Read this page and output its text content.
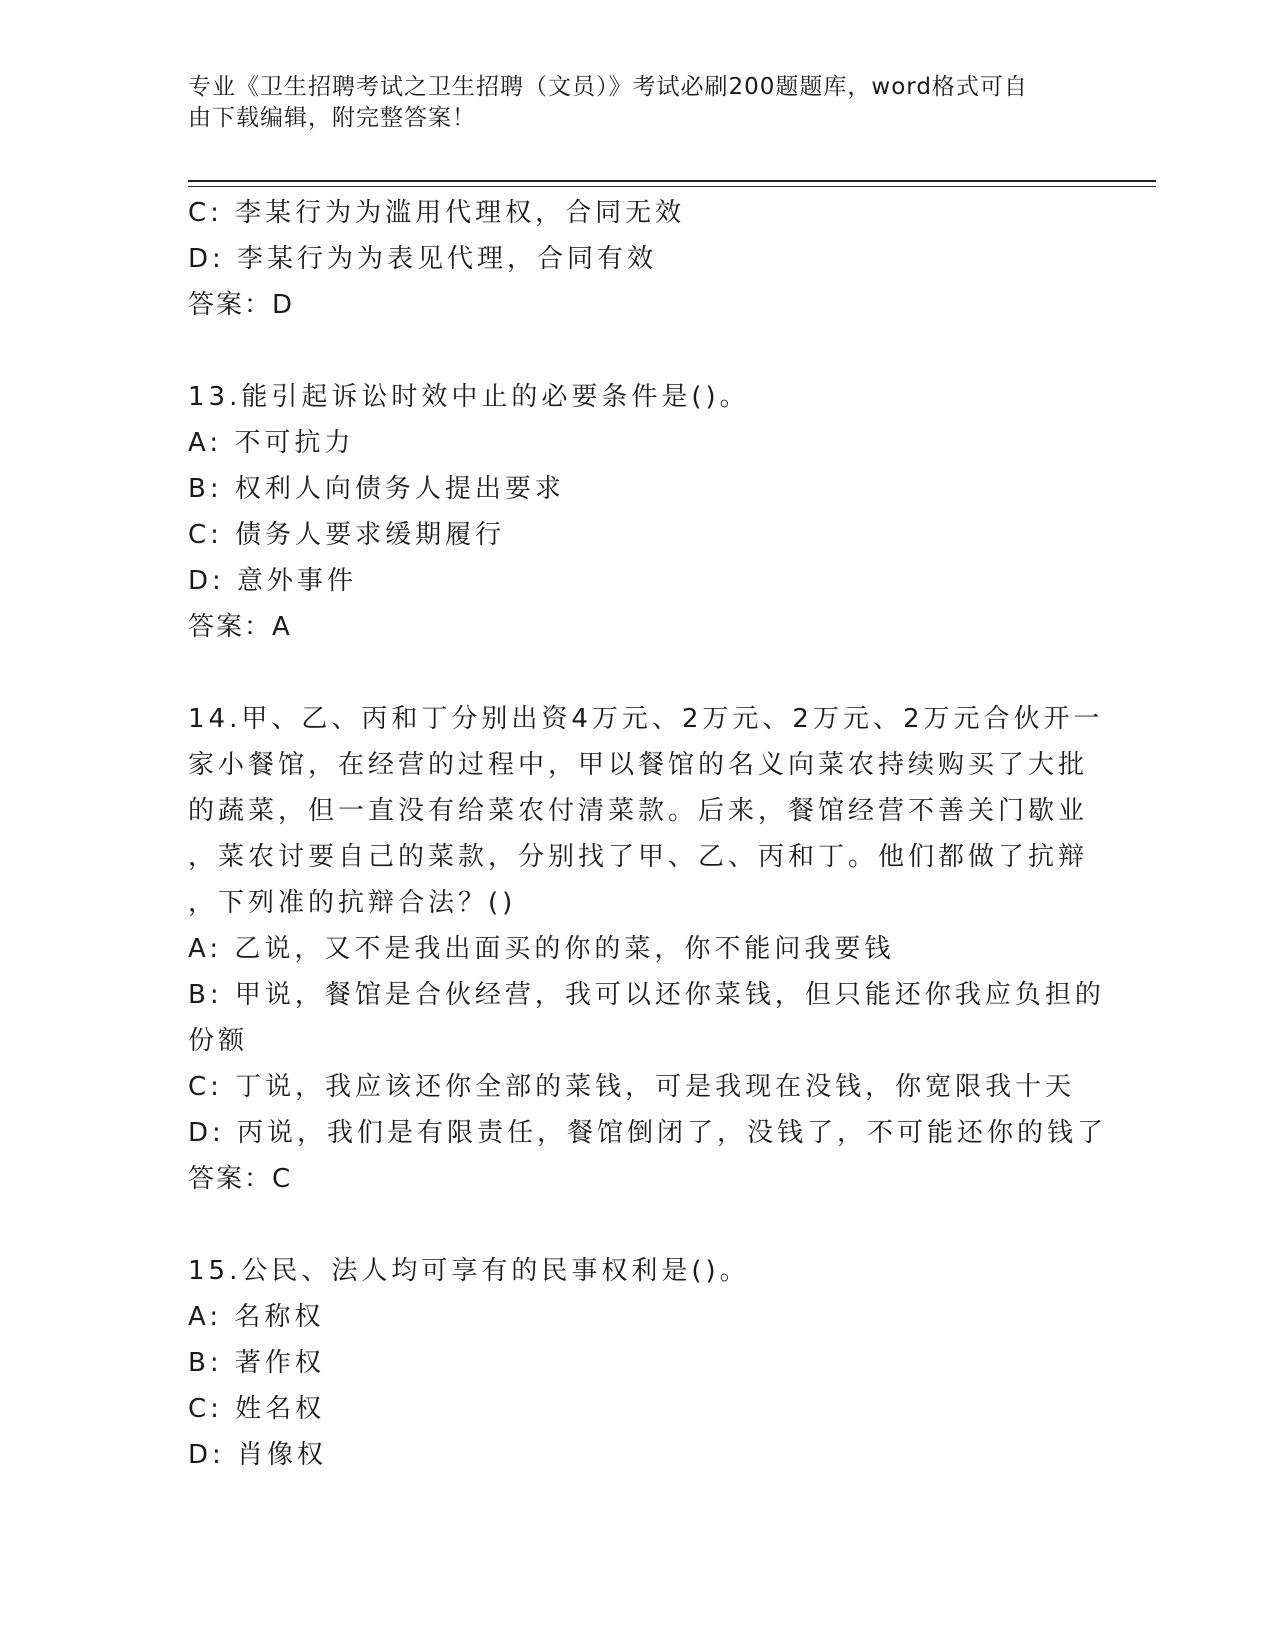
专业《卫生招聘考试之卫生招聘（文员）》考试必刷200题题库，word格式可自
由下载编辑，附完整答案！
C: 李某行为为滥用代理权，合同无效
D: 李某行为为表见代理，合同有效
答案：D
13.能引起诉讼时效中止的必要条件是()。
A: 不可抗力
B: 权利人向债务人提出要求
C: 债务人要求缓期履行
D: 意外事件
答案：A
14.甲、乙、丙和丁分别出资4万元、2万元、2万元、2万元合伙开一
家小餐馆，在经营的过程中，甲以餐馆的名义向菜农持续购买了大批
的蔬菜，但一直没有给菜农付清菜款。后来，餐馆经营不善关门歇业
，菜农讨要自己的菜款，分别找了甲、乙、丙和丁。他们都做了抗辩
，下列准的抗辩合法？()
A: 乙说，又不是我出面买的你的菜，你不能问我要钱
B: 甲说，餐馆是合伙经营，我可以还你菜钱，但只能还你我应负担的
份额
C: 丁说，我应该还你全部的菜钱，可是我现在没钱，你宽限我十天
D: 丙说，我们是有限责任，餐馆倒闭了，没钱了，不可能还你的钱了
答案：C
15.公民、法人均可享有的民事权利是()。
A: 名称权
B: 著作权
C: 姓名权
D: 肖像权
